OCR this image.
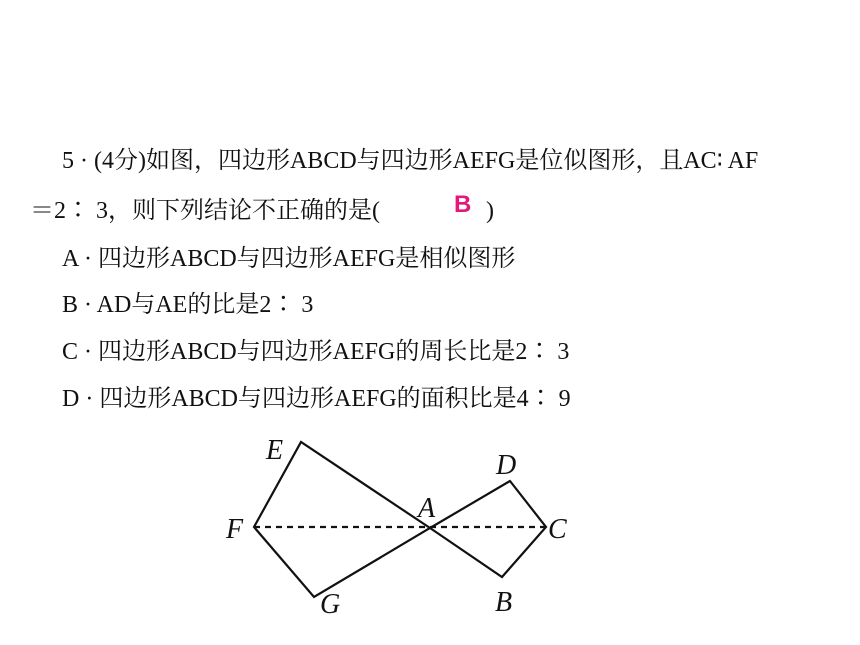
5 · (4分)如图，四边形ABCD与四边形AEFG是位似图形，且AC∶ AF
＝2∶ 3，则下列结论不正确的是(	)
B
A · 四边形ABCD与四边形AEFG是相似图形
B · AD与AE的比是2∶ 3
C · 四边形ABCD与四边形AEFG的周长比是2∶ 3
D · 四边形ABCD与四边形AEFG的面积比是4∶ 9
E	D
A
F	C
G	B
